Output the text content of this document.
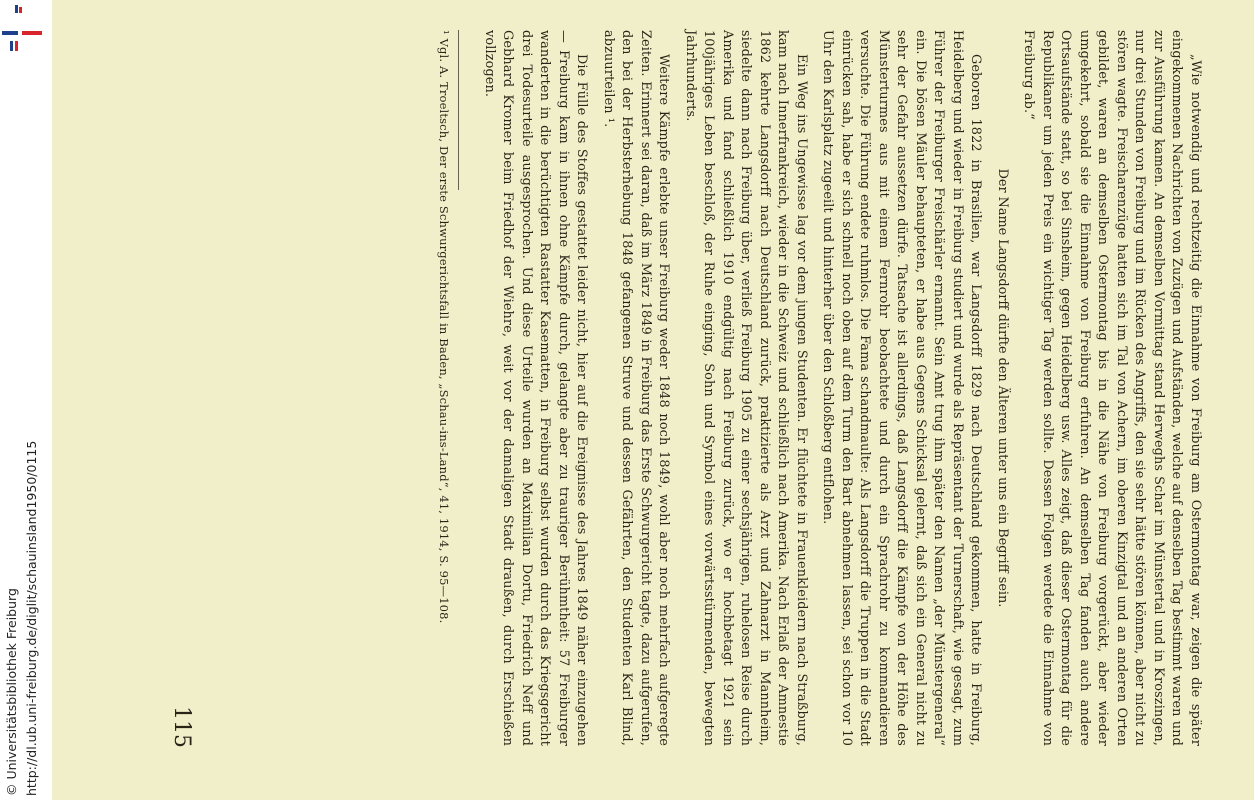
http://dl.ub.uni-freiburg.de/diglit/schauinsland1950/0115
© Universitätsbibliothek Freiburg	„Wie notwendig und rechtzeitig die Einnahme von Freiburg am Ostermontag war, zeigen die später eingekommenen Nachrichten von Zuzügen und Aufständen, welche auf denselben Tag bestimmt waren und zur Ausführung kamen. An demselben Vormittag stand Herweghs Schar im Münstertal und in Kroszingen, nur drei Stunden von Freiburg und im Rücken des Angriffs, den sie sehr hätte stören können, aber nicht zu stören wagte. Freischarenzüge hatten sich im Tal von Achern, im oberen Kinzigtal und an anderen Orten gebildet, waren an demselben Ostermontag bis in die Nähe von Freiburg vorgerückt, aber wieder umgekehrt, sobald sie die Einnahme von Freiburg erfuhren. An demselben Tag fanden auch andere Ortsaufstände statt, so bei Sinsheim, gegen Heidelberg usw. Alles zeigt, daß dieser Ostermontag für die Republikaner um jeden Preis ein wichtiger Tag werden sollte. Dessen Folgen werdete die Einnahme von Freiburg ab.“

Der Name Langsdorff dürfte den Älteren unter uns ein Begriff sein.

Geboren 1822 in Brasilien, war Langsdorff 1829 nach Deutschland gekommen, hatte in Freiburg, Heidelberg und wieder in Freiburg studiert und wurde als Repräsentant der Turnerschaft, wie gesagt, zum Führer der Freiburger Freischärler ernannt. Sein Amt trug ihm später den Namen „der Münstergeneral“ ein. Die bösen Mäuler behaupteten, er habe aus Gegens Schicksal gelernt, daß sich ein General nicht zu sehr der Gefahr aussetzen dürfe. Tatsache ist allerdings, daß Langsdorff die Kämpfe von der Höhe des Münsterturmes aus mit einem Fernrohr beobachtete und durch ein Sprachrohr zu kommandieren versuchte. Die Führung endete ruhmlos. Die Fama schandmaulte: Als Langsdorff die Truppen in die Stadt einrücken sah, habe er sich schnell noch oben auf dem Turm den Bart abnehmen lassen, sei schon vor 10 Uhr den Karlsplatz zugeeilt und hinterher über den Schloßberg entflohen.

Ein Weg ins Ungewisse lag vor dem jungen Studenten. Er flüchtete in Frauenkleidern nach Straßburg, kam nach Innerfrankreich, wieder in die Schweiz und schließlich nach Amerika. Nach Erlaß der Amnestie 1862 kehrte Langsdorff nach Deutschland zurück, praktizierte als Arzt und Zahnarzt in Mannheim, siedelte dann nach Freiburg über, verließ Freiburg 1905 zu einer sechsjährigen, ruhelosen Reise durch Amerika und fand schließlich 1910 endgültig nach Freiburg zurück, wo er hochbetagt 1921 sein 100jähriges Leben beschloß, der Ruhe einging, Sohn und Symbol eines vorwärtsstürmenden, bewegten Jahrhunderts.

Weitere Kämpfe erlebte unser Freiburg weder 1848 noch 1849, wohl aber noch mehrfach aufgeregte Zeiten. Erinnert sei daran, daß im März 1849 in Freiburg das Erste Schwurgericht tagte, dazu aufgerufen, den bei der Herbsterhebung 1848 gefangenen Struve und dessen Gefährten, den Studenten Karl Blind, abzuurteilen ¹.

Die Fülle des Stoffes gestattet leider nicht, hier auf die Ereignisse des Jahres 1849 näher einzugehen — Freiburg kam in ihnen ohne Kämpfe durch, gelangte aber zu trauriger Berühmtheit: 57 Freiburger wanderten in die berüchtigten Rastatter Kasematten, in Freiburg selbst wurden durch das Kriegsgericht drei Todesurteile ausgesprochen. Und diese Urteile wurden an Maximilian Dortu, Friedrich Neff und Gebhard Kromer beim Friedhof der Wiehre, weit vor der damaligen Stadt draußen, durch Erschießen vollzogen.

¹ Vgl. A. Troeltsch, Der erste Schwurgerichtsfall in Baden, „Schau-ins-Land“, 41, 1914, S. 95—108.

115
